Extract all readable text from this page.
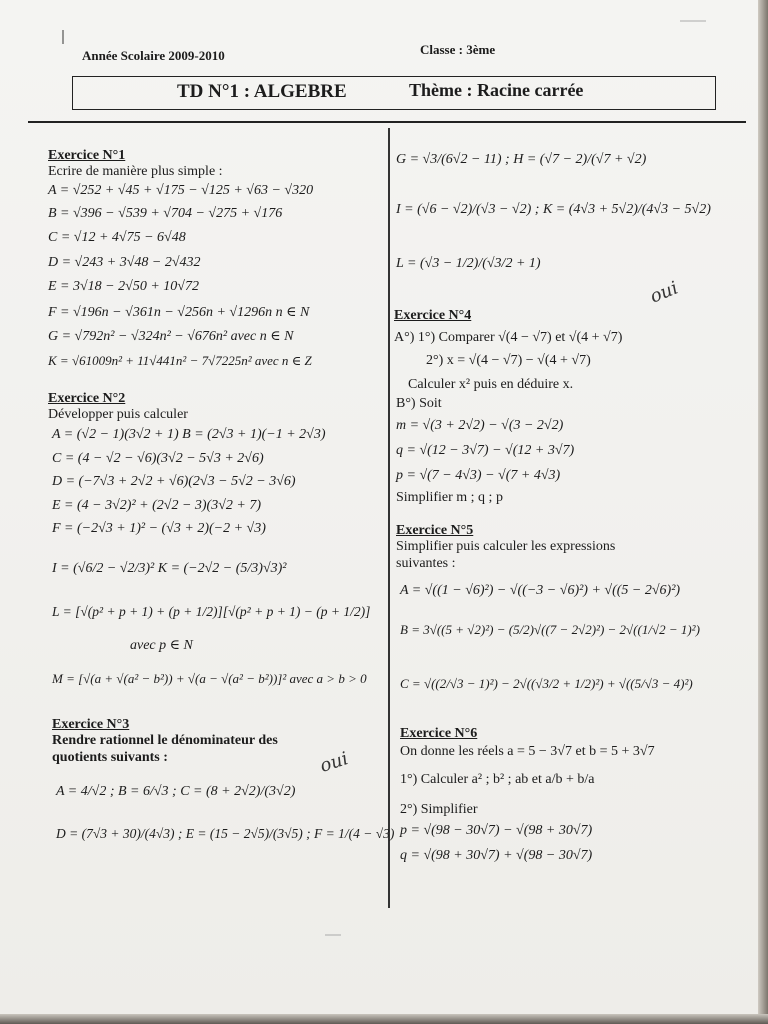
Année Scolaire 2009-2010	Classe : 3ème
TD N°1 : ALGEBRE	Thème : Racine carrée
Exercice N°1
Ecrire de manière plus simple :
A = √252 + √45 + √175 − √125 + √63 − √320
B = √396 − √539 + √704 − √275 + √176
C = √12 + 4√75 − 6√48
D = √243 + 3√48 − 2√432
E = 3√18 − 2√50 + 10√72
F = √196n − √361n − √256n + √1296n n ∈ N
G = √792n² − √324n² − √676n² avec n ∈ N
K = √61009n² + 11√441n² − 7√7225n² avec n ∈ Z
Exercice N°2
Développer puis calculer
A = (√2 − 1)(3√2 + 1) B = (2√3 + 1)(−1 + 2√3)
C = (4 − √2 − √6)(3√2 − 5√3 + 2√6)
D = (−7√3 + 2√2 + √6)(2√3 − 5√2 − 3√6)
E = (4 − 3√2)² + (2√2 − 3)(3√2 + 7)
F = (−2√3 + 1)² − (√3 + 2)(−2 + √3)
I = (√6/2 − √2/3)² K = (−2√2 − (5/3)√3)²
L = [√(p² + p + 1) + (p + 1/2)][√(p² + p + 1) − (p + 1/2)]
avec p ∈ N
M = [√(a + √(a² − b²)) + √(a − √(a² − b²))]² avec a > b > 0
Exercice N°3
Rendre rationnel le dénominateur des
quotients suivants :
A = 4/√2 ; B = 6/√3 ; C = (8 + 2√2)/(3√2)
D = (7√3 + 30)/(4√3) ; E = (15 − 2√5)/(3√5) ; F = 1/(4 − √3)
oui
G = √3/(6√2 − 11) ; H = (√7 − 2)/(√7 + √2)
I = (√6 − √2)/(√3 − √2) ; K = (4√3 + 5√2)/(4√3 − 5√2)
L = (√3 − 1/2)/(√3/2 + 1)
oui
Exercice N°4
A°) 1°) Comparer √(4 − √7) et √(4 + √7)
2°) x = √(4 − √7) − √(4 + √7)
Calculer x² puis en déduire x.
B°) Soit
m = √(3 + 2√2) − √(3 − 2√2)
q = √(12 − 3√7) − √(12 + 3√7)
p = √(7 − 4√3) − √(7 + 4√3)
Simplifier m ; q ; p
Exercice N°5
Simplifier puis calculer les expressions
suivantes :
A = √((1 − √6)²) − √((−3 − √6)²) + √((5 − 2√6)²)
B = 3√((5 + √2)²) − (5/2)√((7 − 2√2)²) − 2√((1/√2 − 1)²)
C = √((2/√3 − 1)²) − 2√((√3/2 + 1/2)²) + √((5/√3 − 4)²)
Exercice N°6
On donne les réels a = 5 − 3√7 et b = 5 + 3√7
1°) Calculer a² ; b² ; ab et a/b + b/a
2°) Simplifier
p = √(98 − 30√7) − √(98 + 30√7)
q = √(98 + 30√7) + √(98 − 30√7)
